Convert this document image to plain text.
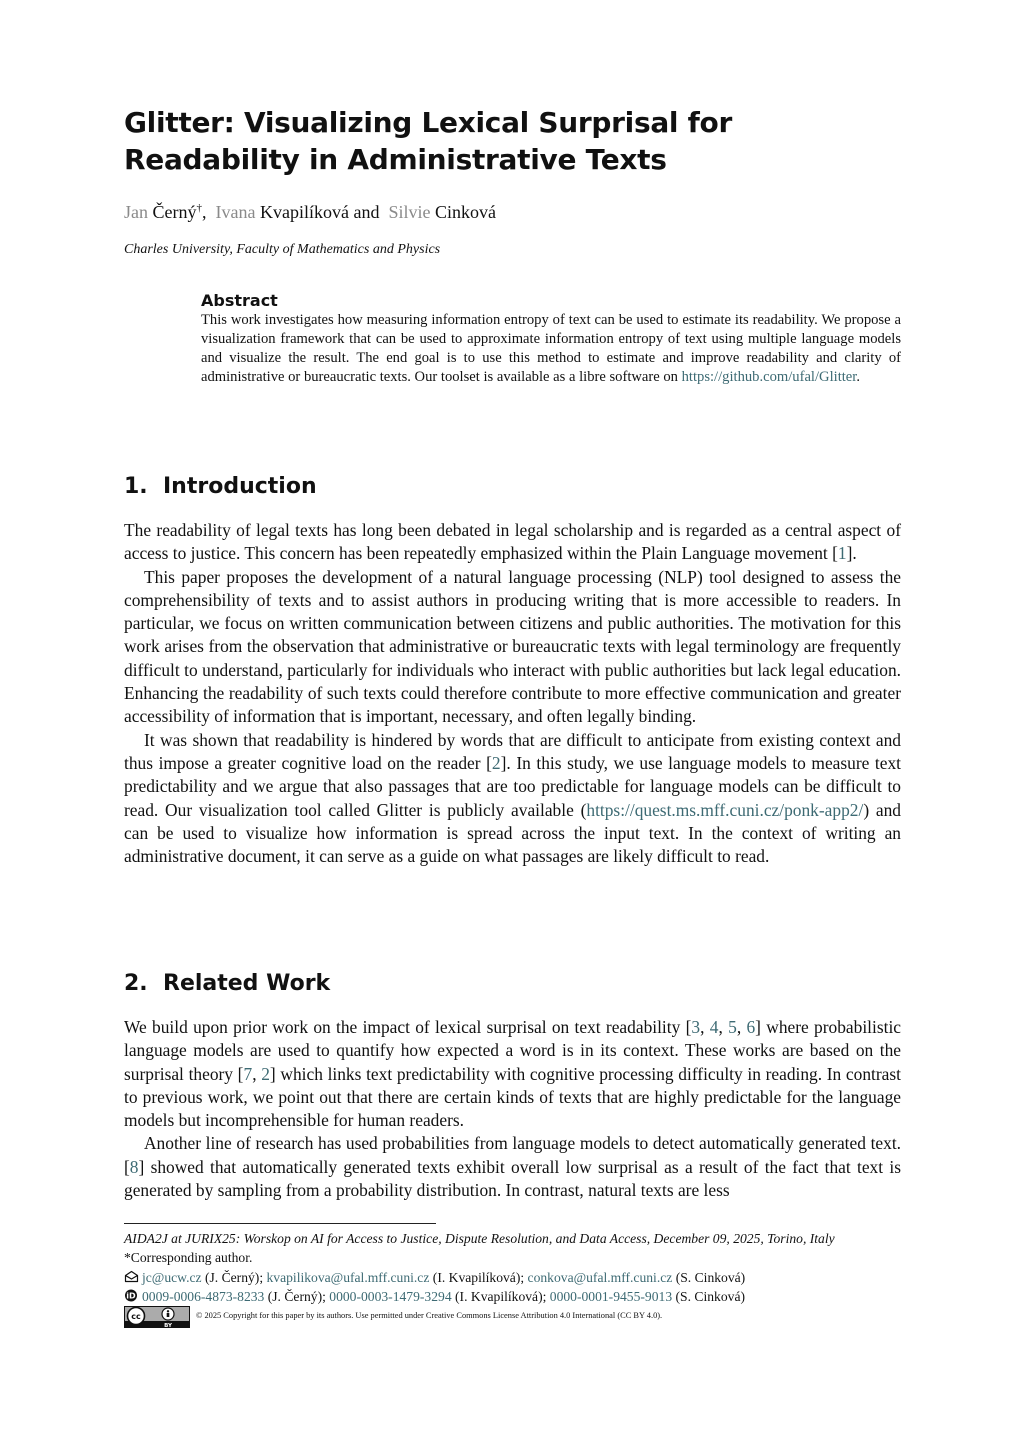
Glitter: Visualizing Lexical Surprisal for Readability in Administrative Texts
Jan Černý†,  Ivana Kvapilíková and  Silvie Cinková
Charles University, Faculty of Mathematics and Physics
Abstract

This work investigates how measuring information entropy of text can be used to estimate its readability. We propose a visualization framework that can be used to approximate information entropy of text using multiple language models and visualize the result. The end goal is to use this method to estimate and improve readability and clarity of administrative or bureaucratic texts. Our toolset is available as a libre software on https://github.com/ufal/Glitter.

1. Introduction

The readability of legal texts has long been debated in legal scholarship and is regarded as a central aspect of access to justice. This concern has been repeatedly emphasized within the Plain Language movement [1].

This paper proposes the development of a natural language processing (NLP) tool designed to assess the comprehensibility of texts and to assist authors in producing writing that is more accessible to readers. In particular, we focus on written communication between citizens and public authorities. The motivation for this work arises from the observation that administrative or bureaucratic texts with legal terminology are frequently difficult to understand, particularly for individuals who interact with public authorities but lack legal education. Enhancing the readability of such texts could therefore contribute to more effective communication and greater accessibility of information that is important, necessary, and often legally binding.

It was shown that readability is hindered by words that are difficult to anticipate from existing context and thus impose a greater cognitive load on the reader [2]. In this study, we use language models to measure text predictability and we argue that also passages that are too predictable for language models can be difficult to read. Our visualization tool called Glitter is publicly available (https://quest.ms.mff.cuni.cz/ponk-app2/) and can be used to visualize how information is spread across the input text. In the context of writing an administrative document, it can serve as a guide on what passages are likely difficult to read.

2. Related Work

We build upon prior work on the impact of lexical surprisal on text readability [3, 4, 5, 6] where probabilistic language models are used to quantify how expected a word is in its context. These works are based on the surprisal theory [7, 2] which links text predictability with cognitive processing difficulty in reading. In contrast to previous work, we point out that there are certain kinds of texts that are highly predictable for the language models but incomprehensible for human readers.

Another line of research has used probabilities from language models to detect automatically generated text. [8] showed that automatically generated texts exhibit overall low surprisal as a result of the fact that text is generated by sampling from a probability distribution. In contrast, natural texts are less

AIDA2J at JURIX25: Worskop on AI for Access to Justice, Dispute Resolution, and Data Access, December 09, 2025, Torino, Italy
*Corresponding author.
jc@ucw.cz (J. Černý); kvapilikova@ufal.mff.cuni.cz (I. Kvapilíková); conkova@ufal.mff.cuni.cz (S. Cinková)
iD 0009-0006-4873-8233 (J. Černý); 0000-0003-1479-3294 (I. Kvapilíková); 0000-0001-9455-9013 (S. Cinková)
cc
BY
© 2025 Copyright for this paper by its authors. Use permitted under Creative Commons License Attribution 4.0 International (CC BY 4.0).
